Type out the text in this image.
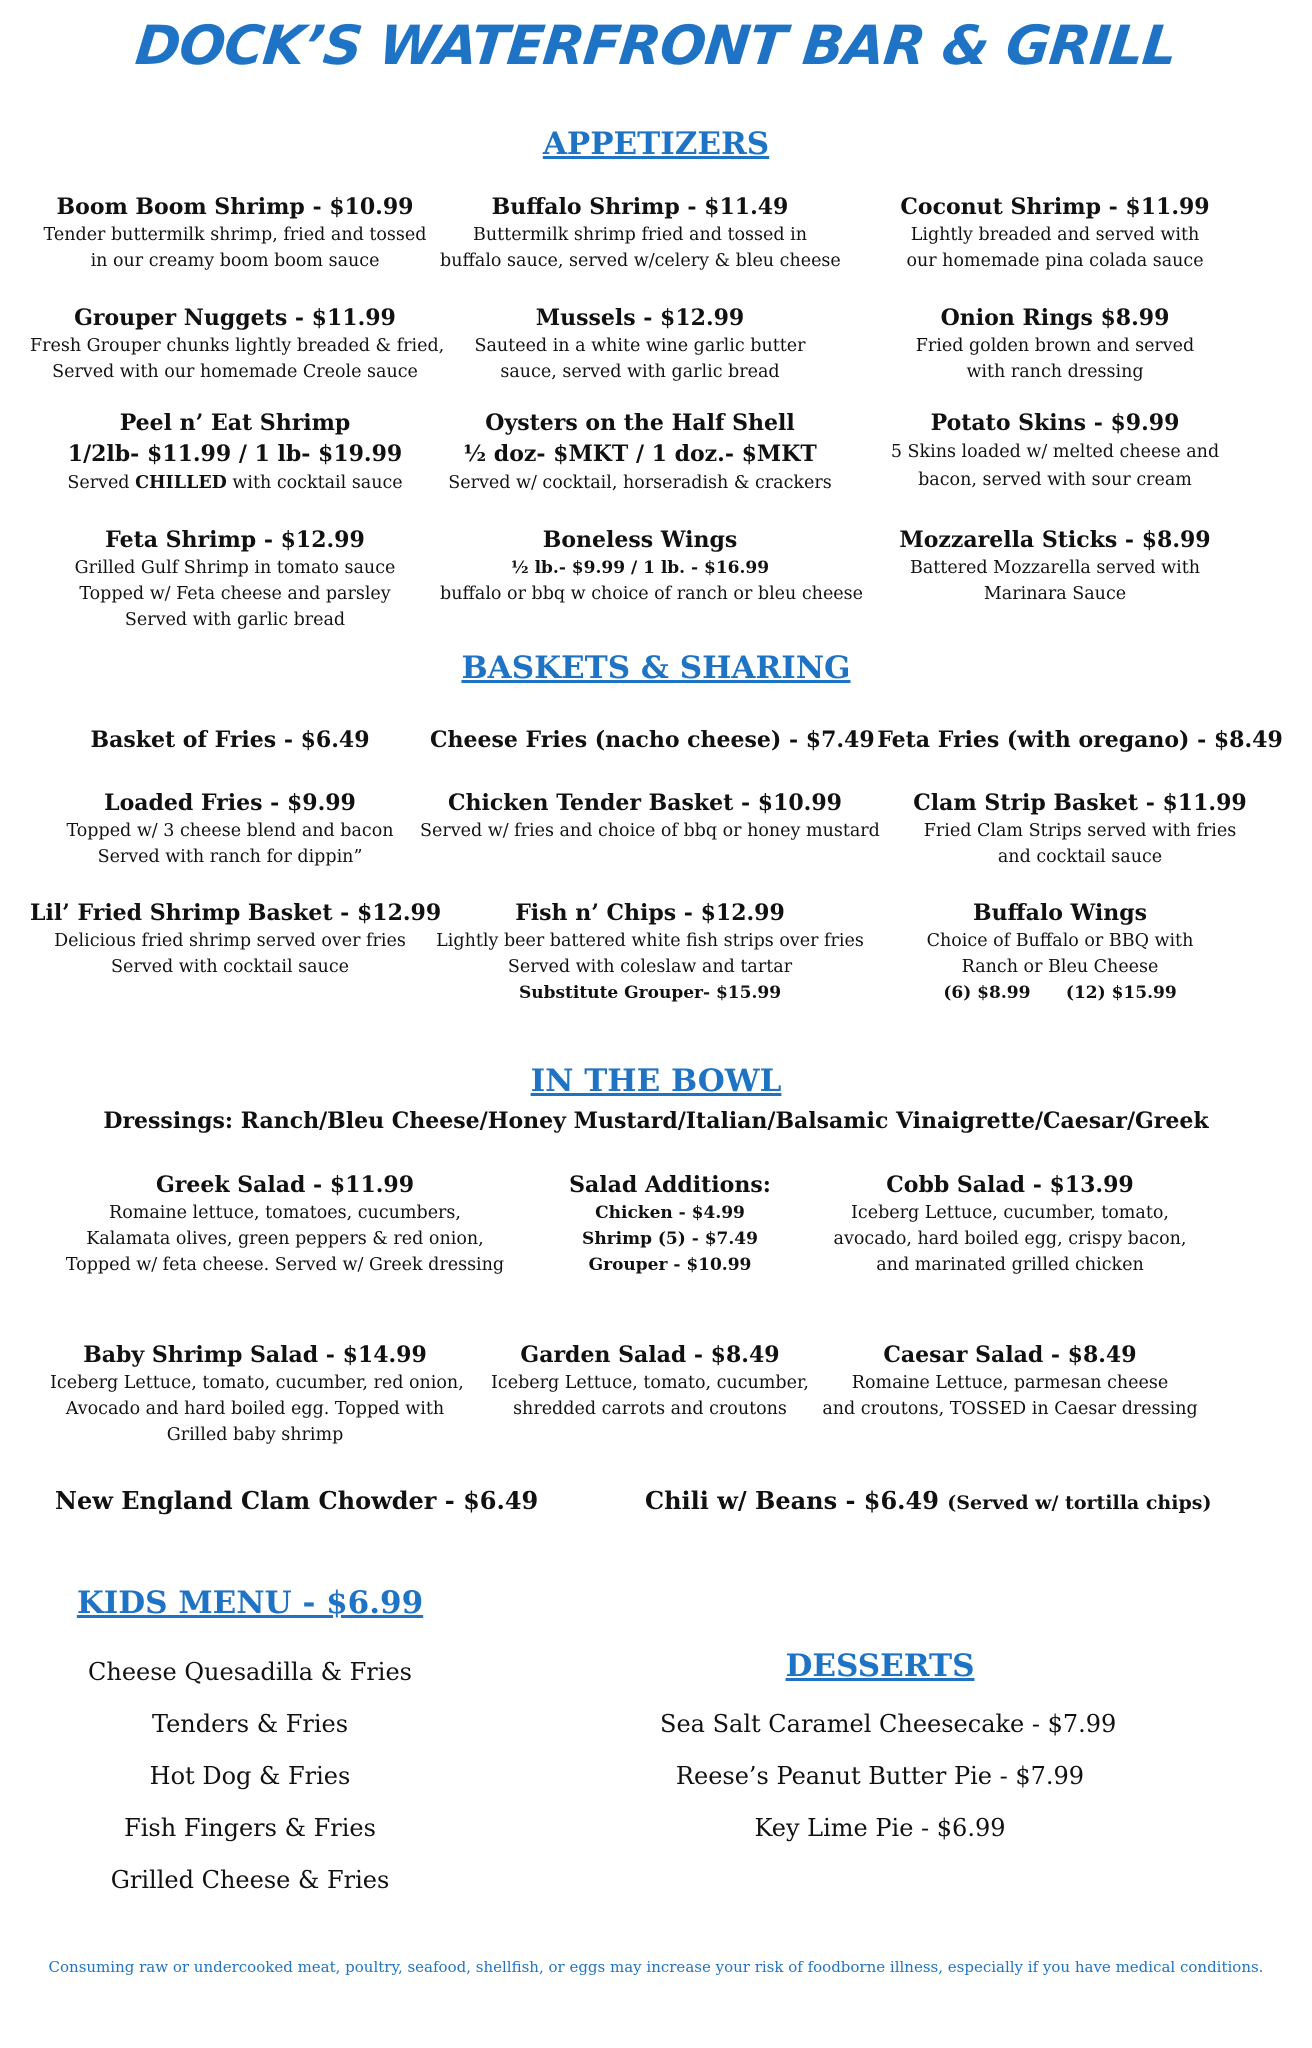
DOCK’S WATERFRONT BAR & GRILL
APPETIZERS
Boom Boom Shrimp - $10.99
Tender buttermilk shrimp, fried and tossed
in our creamy boom boom sauce
Buffalo Shrimp - $11.49
Buttermilk shrimp fried and tossed in
buffalo sauce, served w/celery & bleu cheese
Coconut Shrimp - $11.99
Lightly breaded and served with
our homemade pina colada sauce
Grouper Nuggets - $11.99
Fresh Grouper chunks lightly breaded & fried,
Served with our homemade Creole sauce
Mussels - $12.99
Sauteed in a white wine garlic butter
sauce, served with garlic bread
Onion Rings $8.99
Fried golden brown and served
with ranch dressing
Peel n’ Eat Shrimp
1/2lb- $11.99 / 1 lb- $19.99
Served CHILLED with cocktail sauce
Oysters on the Half Shell
½ doz- $MKT / 1 doz.- $MKT
Served w/ cocktail, horseradish & crackers
Potato Skins - $9.99
5 Skins loaded w/ melted cheese and
bacon, served with sour cream
Feta Shrimp - $12.99
Grilled Gulf Shrimp in tomato sauce
Topped w/ Feta cheese and parsley
Served with garlic bread
Boneless Wings
½ lb.- $9.99 / 1 lb. - $16.99
buffalo or bbq w choice of ranch or bleu cheese
Mozzarella Sticks - $8.99
Battered Mozzarella served with
Marinara Sauce
BASKETS & SHARING
Basket of Fries - $6.49	Cheese Fries (nacho cheese) - $7.49 Feta Fries (with oregano) - $8.49
Loaded Fries - $9.99
Topped w/ 3 cheese blend and bacon
Served with ranch for dippin”
Chicken Tender Basket - $10.99
Served w/ fries and choice of bbq or honey mustard
Clam Strip Basket - $11.99
Fried Clam Strips served with fries
and cocktail sauce
Lil’ Fried Shrimp Basket - $12.99
Delicious fried shrimp served over fries
Served with cocktail sauce
Fish n’ Chips - $12.99
Lightly beer battered white fish strips over fries
Served with coleslaw and tartar
Substitute Grouper- $15.99
Buffalo Wings
Choice of Buffalo or BBQ with
Ranch or Bleu Cheese
(6) $8.99      (12) $15.99
IN THE BOWL
Dressings: Ranch/Bleu Cheese/Honey Mustard/Italian/Balsamic Vinaigrette/Caesar/Greek
Greek Salad - $11.99
Romaine lettuce, tomatoes, cucumbers,
Kalamata olives, green peppers & red onion,
Topped w/ feta cheese. Served w/ Greek dressing
Salad Additions:
Chicken - $4.99
Shrimp (5) - $7.49
Grouper - $10.99
Cobb Salad - $13.99
Iceberg Lettuce, cucumber, tomato,
avocado, hard boiled egg, crispy bacon,
and marinated grilled chicken
Baby Shrimp Salad - $14.99
Iceberg Lettuce, tomato, cucumber, red onion,
Avocado and hard boiled egg. Topped with
Grilled baby shrimp
Garden Salad - $8.49
Iceberg Lettuce, tomato, cucumber,
shredded carrots and croutons
Caesar Salad - $8.49
Romaine Lettuce, parmesan cheese
and croutons, TOSSED in Caesar dressing
New England Clam Chowder - $6.49	Chili w/ Beans - $6.49 (Served w/ tortilla chips)
KIDS MENU - $6.99
Cheese Quesadilla & Fries
Tenders & Fries
Hot Dog & Fries
Fish Fingers & Fries
Grilled Cheese & Fries
DESSERTS
Sea Salt Caramel Cheesecake - $7.99
Reese’s Peanut Butter Pie - $7.99
Key Lime Pie - $6.99
Consuming raw or undercooked meat, poultry, seafood, shellfish, or eggs may increase your risk of foodborne illness, especially if you have medical conditions.
